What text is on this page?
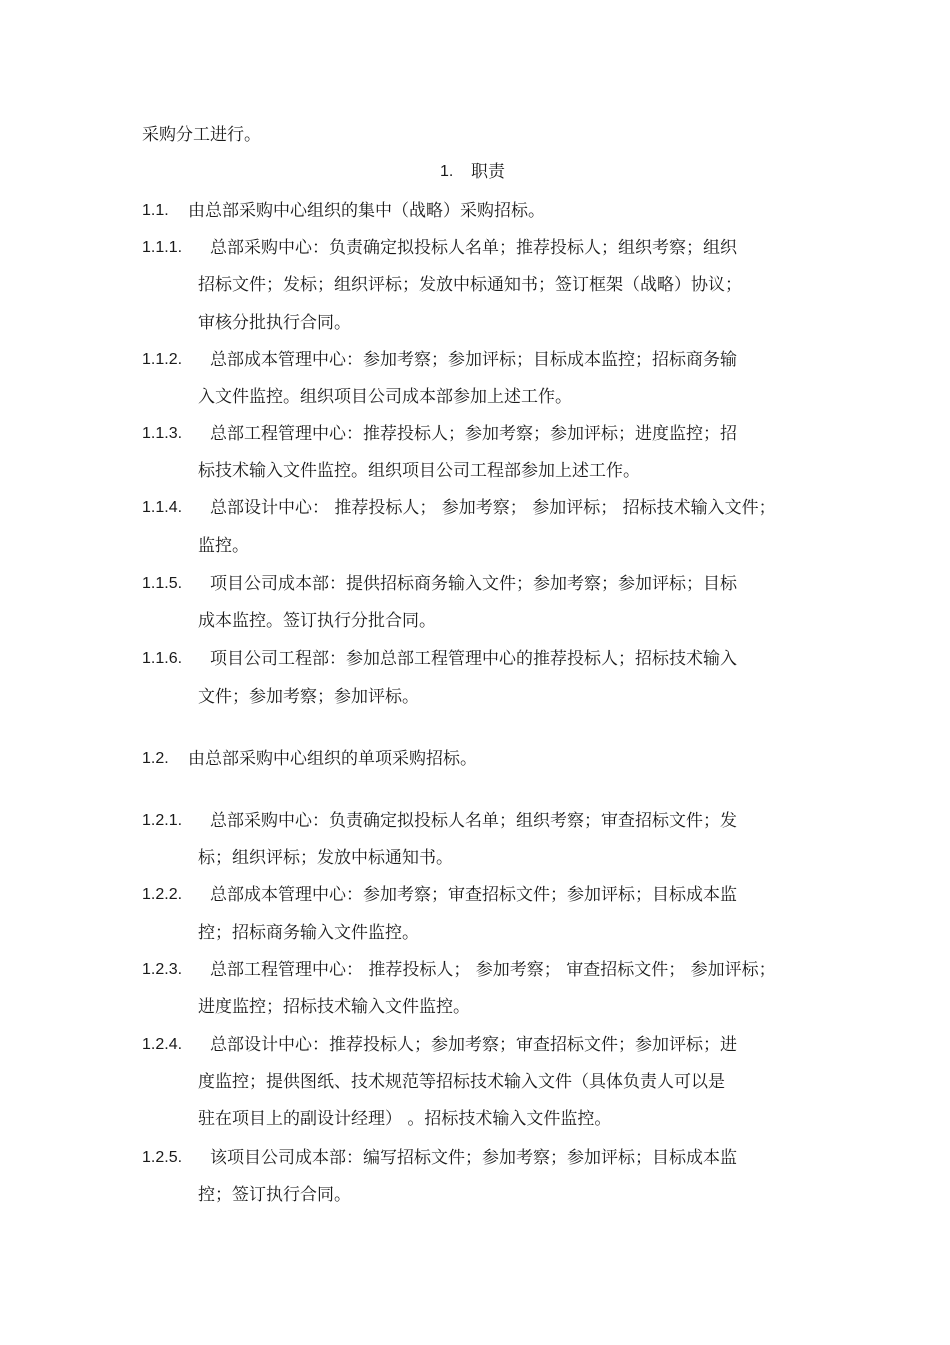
采购分工进行。
1. 职责
1.1. 由总部采购中心组织的集中（战略）采购招标。
1.1.1. 总部采购中心：负责确定拟投标人名单；推荐投标人；组织考察；组织
招标文件；发标；组织评标；发放中标通知书；签订框架（战略）协议；
审核分批执行合同。
1.1.2. 总部成本管理中心：参加考察；参加评标；目标成本监控；招标商务输
入文件监控。组织项目公司成本部参加上述工作。
1.1.3. 总部工程管理中心：推荐投标人；参加考察；参加评标；进度监控；招
标技术输入文件监控。组织项目公司工程部参加上述工作。
1.1.4. 总部设计中心： 推荐投标人； 参加考察； 参加评标； 招标技术输入文件；
监控。
1.1.5. 项目公司成本部：提供招标商务输入文件；参加考察；参加评标；目标
成本监控。签订执行分批合同。
1.1.6. 项目公司工程部：参加总部工程管理中心的推荐投标人；招标技术输入
文件；参加考察；参加评标。
1.2. 由总部采购中心组织的单项采购招标。
1.2.1. 总部采购中心：负责确定拟投标人名单；组织考察；审查招标文件；发
标；组织评标；发放中标通知书。
1.2.2. 总部成本管理中心：参加考察；审查招标文件；参加评标；目标成本监
控；招标商务输入文件监控。
1.2.3. 总部工程管理中心： 推荐投标人； 参加考察； 审查招标文件； 参加评标；
进度监控；招标技术输入文件监控。
1.2.4. 总部设计中心：推荐投标人；参加考察；审查招标文件；参加评标；进
度监控；提供图纸、技术规范等招标技术输入文件（具体负责人可以是
驻在项目上的副设计经理） 。招标技术输入文件监控。
1.2.5. 该项目公司成本部：编写招标文件；参加考察；参加评标；目标成本监
控；签订执行合同。
